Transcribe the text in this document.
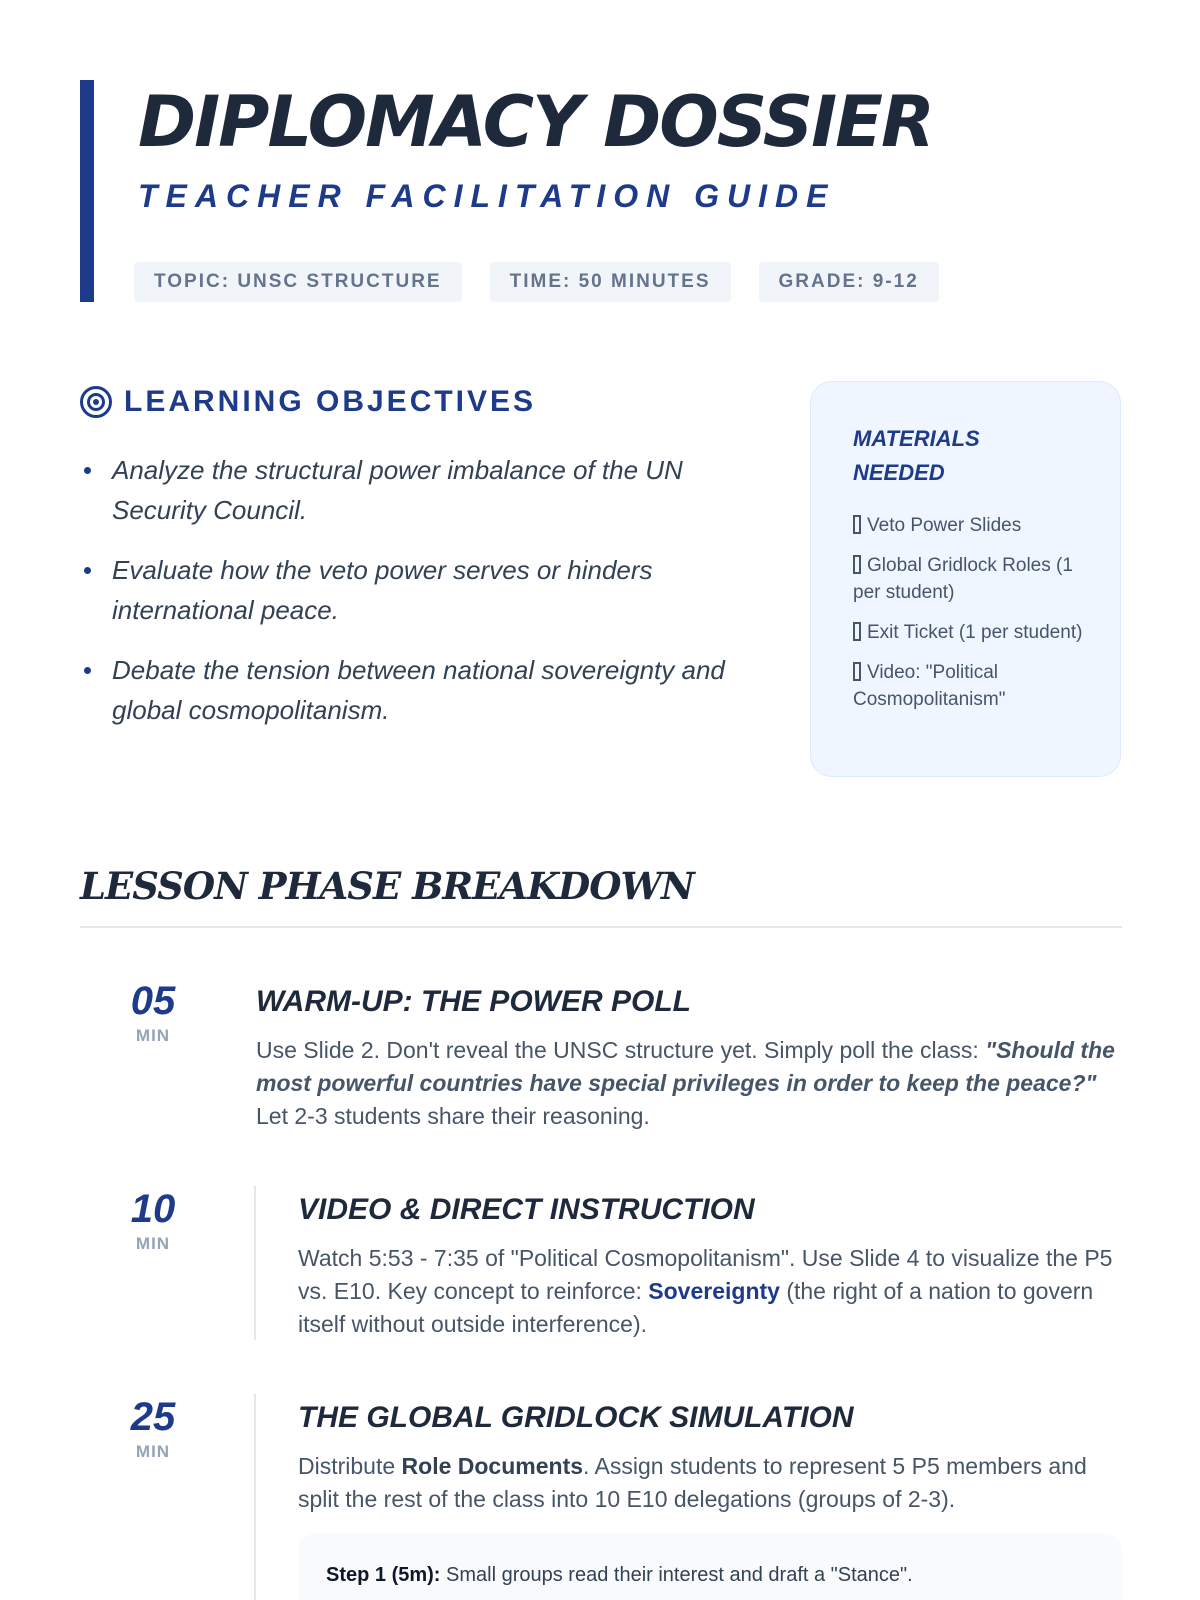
DIPLOMACY DOSSIER
TEACHER FACILITATION GUIDE
TOPIC: UNSC STRUCTURE	TIME: 50 MINUTES	GRADE: 9-12
LEARNING OBJECTIVES
Analyze the structural power imbalance of the UN Security Council.
Evaluate how the veto power serves or hinders international peace.
Debate the tension between national sovereignty and global cosmopolitanism.
MATERIALS NEEDED
Veto Power Slides
Global Gridlock Roles (1 per student)
Exit Ticket (1 per student)
Video: "Political Cosmopolitanism"
LESSON PHASE BREAKDOWN
05
MIN
WARM-UP: THE POWER POLL
Use Slide 2. Don't reveal the UNSC structure yet. Simply poll the class: "Should the most powerful countries have special privileges in order to keep the peace?" Let 2-3 students share their reasoning.
10
MIN
VIDEO & DIRECT INSTRUCTION
Watch 5:53 - 7:35 of "Political Cosmopolitanism". Use Slide 4 to visualize the P5 vs. E10. Key concept to reinforce: Sovereignty (the right of a nation to govern itself without outside interference).
25
MIN
THE GLOBAL GRIDLOCK SIMULATION
Distribute Role Documents. Assign students to represent 5 P5 members and split the rest of the class into 10 E10 delegations (groups of 2-3).
Step 1 (5m): Small groups read their interest and draft a "Stance".
